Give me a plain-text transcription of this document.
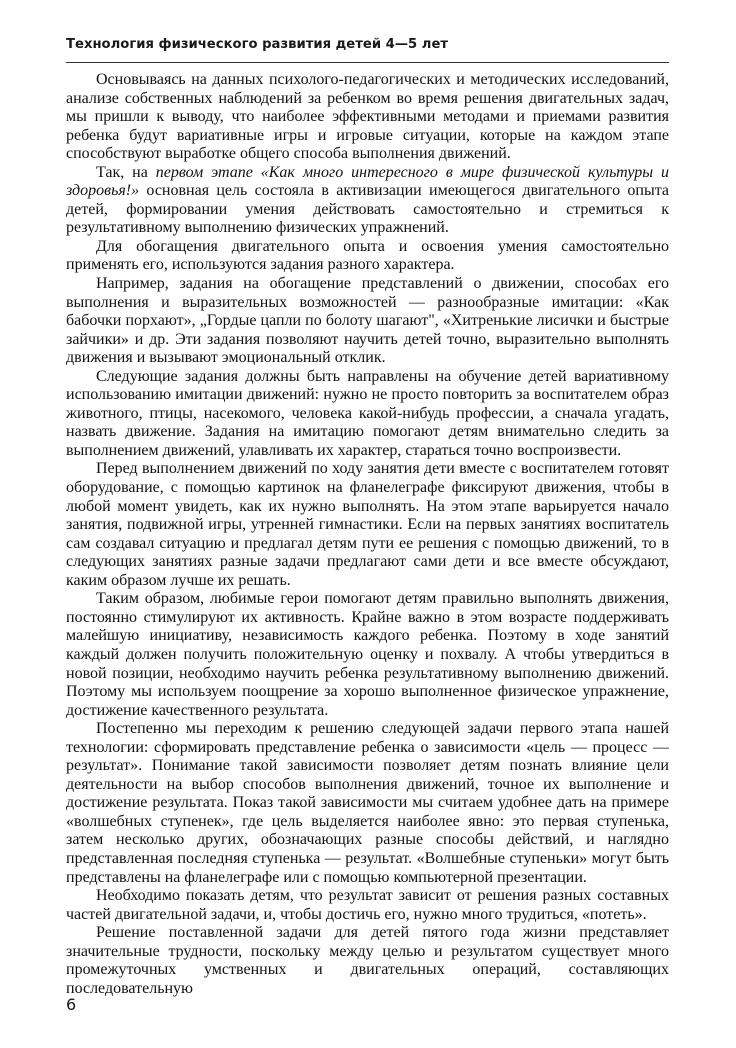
Технология физического развития детей 4—5 лет

Основываясь на данных психолого-педагогических и методических исследований, анализе собственных наблюдений за ребенком во время решения двигательных задач, мы пришли к выводу, что наиболее эффективными методами и приемами развития ребенка будут вариативные игры и игровые ситуации, которые на каждом этапе способствуют выработке общего способа выполнения движений.

Так, на первом этапе «Как много интересного в мире физической культуры и здоровья!» основная цель состояла в активизации имеющегося двигательного опыта детей, формировании умения действовать самостоятельно и стремиться к результативному выполнению физических упражнений.

Для обогащения двигательного опыта и освоения умения самостоятельно применять его, используются задания разного характера.

Например, задания на обогащение представлений о движении, способах его выполнения и выразительных возможностей — разнообразные имитации: «Как бабочки порхают», „Гордые цапли по болоту шагают", «Хитренькие лисички и быстрые зайчики» и др. Эти задания позволяют научить детей точно, выразительно выполнять движения и вызывают эмоциональный отклик.

Следующие задания должны быть направлены на обучение детей вариативному использованию имитации движений: нужно не просто повторить за воспитателем образ животного, птицы, насекомого, человека какой-нибудь профессии, а сначала угадать, назвать движение. Задания на имитацию помогают детям внимательно следить за выполнением движений, улавливать их характер, стараться точно воспроизвести.

Перед выполнением движений по ходу занятия дети вместе с воспитателем готовят оборудование, с помощью картинок на фланелеграфе фиксируют движения, чтобы в любой момент увидеть, как их нужно выполнять. На этом этапе варьируется начало занятия, подвижной игры, утренней гимнастики. Если на первых занятиях воспитатель сам создавал ситуацию и предлагал детям пути ее решения с помощью движений, то в следующих занятиях разные задачи предлагают сами дети и все вместе обсуждают, каким образом лучше их решать.

Таким образом, любимые герои помогают детям правильно выполнять движения, постоянно стимулируют их активность. Крайне важно в этом возрасте поддерживать малейшую инициативу, независимость каждого ребенка. Поэтому в ходе занятий каждый должен получить положительную оценку и похвалу. А чтобы утвердиться в новой позиции, необходимо научить ребенка результативному выполнению движений. Поэтому мы используем поощрение за хорошо выполненное физическое упражнение, достижение качественного результата.

Постепенно мы переходим к решению следующей задачи первого этапа нашей технологии: сформировать представление ребенка о зависимости «цель — процесс — результат». Понимание такой зависимости позволяет детям познать влияние цели деятельности на выбор способов выполнения движений, точное их выполнение и достижение результата. Показ такой зависимости мы считаем удобнее дать на примере «волшебных ступенек», где цель выделяется наиболее явно: это первая ступенька, затем несколько других, обозначающих разные способы действий, и наглядно представленная последняя ступенька — результат. «Волшебные ступеньки» могут быть представлены на фланелеграфе или с помощью компьютерной презентации.

Необходимо показать детям, что результат зависит от решения разных составных частей двигательной задачи, и, чтобы достичь его, нужно много трудиться, «потеть».

Решение поставленной задачи для детей пятого года жизни представляет значительные трудности, поскольку между целью и результатом существует много промежуточных умственных и двигательных операций, составляющих последовательную

6
